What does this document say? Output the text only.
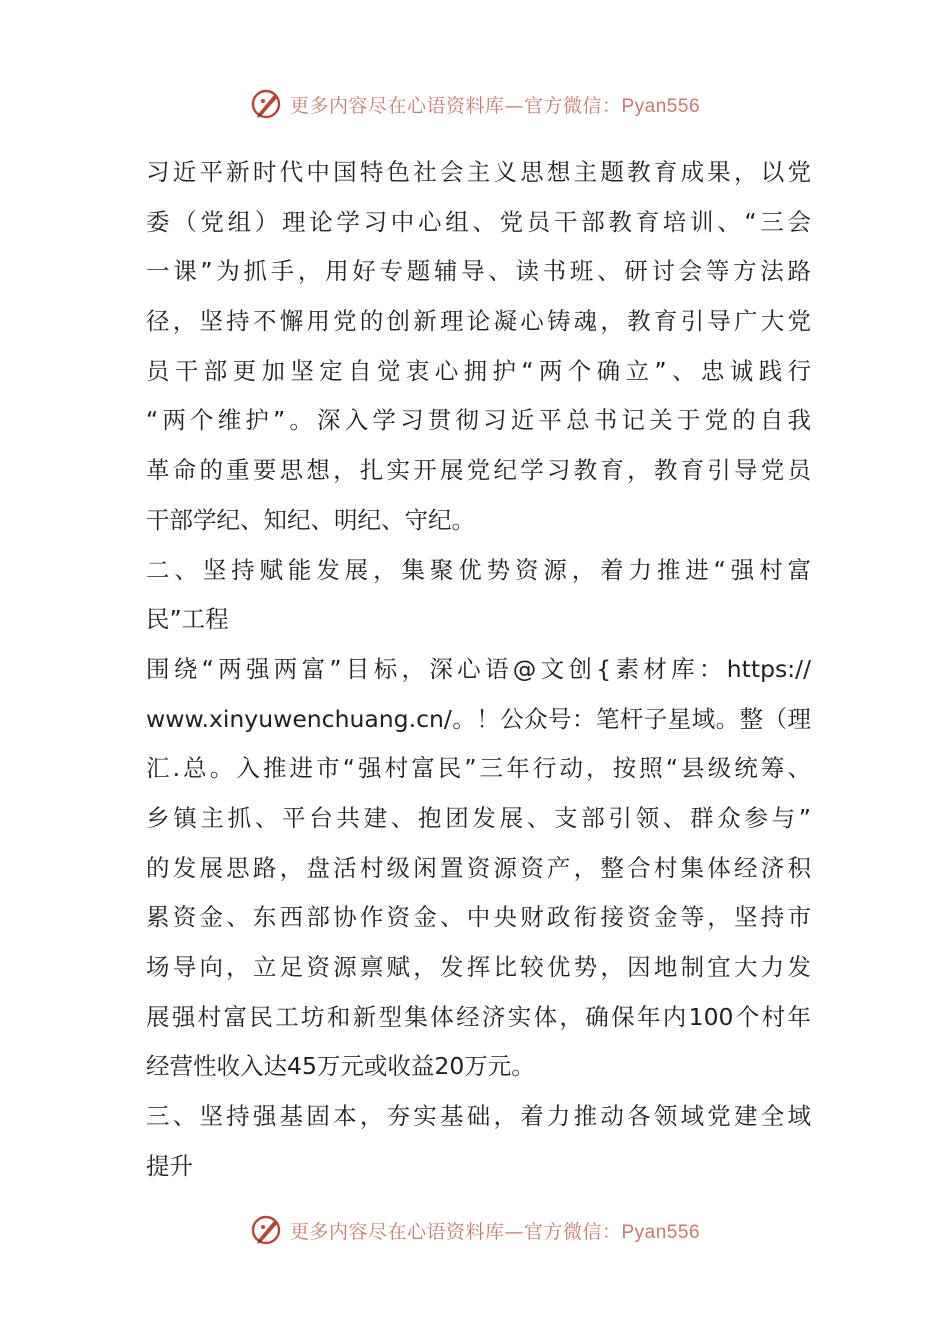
更多内容尽在心语资料库—官方微信：Pyan556
习近平新时代中国特色社会主义思想主题教育成果，以党
委（党组）理论学习中心组、党员干部教育培训、“三会
一课”为抓手，用好专题辅导、读书班、研讨会等方法路
径，坚持不懈用党的创新理论凝心铸魂，教育引导广大党
员干部更加坚定自觉衷心拥护“两个确立”、忠诚践行
“两个维护”。深入学习贯彻习近平总书记关于党的自我
革命的重要思想，扎实开展党纪学习教育，教育引导党员
干部学纪、知纪、明纪、守纪。
二、坚持赋能发展，集聚优势资源，着力推进“强村富
民”工程
围绕“两强两富”目标，深心语@文创{素材库：https://
www.xinyuwenchuang.cn/。！公众号：笔杆子星域。整（理
汇.总。入推进市“强村富民”三年行动，按照“县级统筹、
乡镇主抓、平台共建、抱团发展、支部引领、群众参与”
的发展思路，盘活村级闲置资源资产，整合村集体经济积
累资金、东西部协作资金、中央财政衔接资金等，坚持市
场导向，立足资源禀赋，发挥比较优势，因地制宜大力发
展强村富民工坊和新型集体经济实体，确保年内100个村年
经营性收入达45万元或收益20万元。
三、坚持强基固本，夯实基础，着力推动各领域党建全域
提升
更多内容尽在心语资料库—官方微信：Pyan556
